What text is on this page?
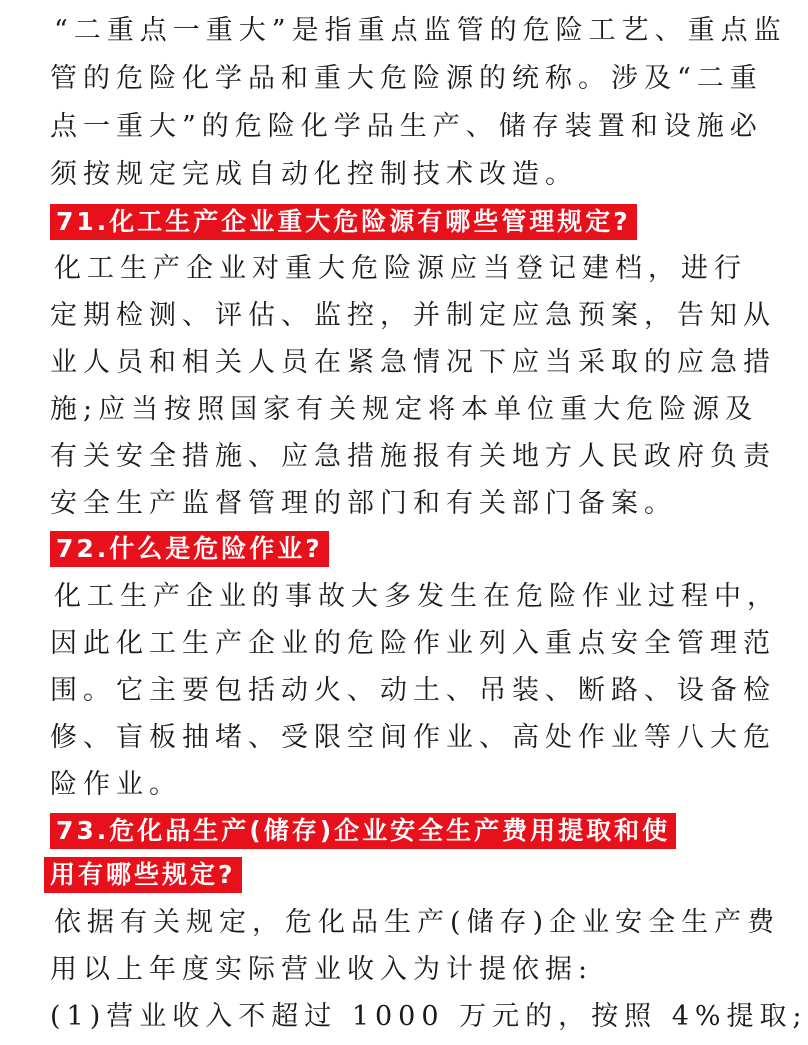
“二重点一重大”是指重点监管的危险工艺、重点监
管的危险化学品和重大危险源的统称。涉及“二重
点一重大”的危险化学品生产、储存装置和设施必
须按规定完成自动化控制技术改造。
71.化工生产企业重大危险源有哪些管理规定?
化工生产企业对重大危险源应当登记建档，进行
定期检测、评估、监控，并制定应急预案，告知从
业人员和相关人员在紧急情况下应当采取的应急措
施;应当按照国家有关规定将本单位重大危险源及
有关安全措施、应急措施报有关地方人民政府负责
安全生产监督管理的部门和有关部门备案。
72.什么是危险作业?
化工生产企业的事故大多发生在危险作业过程中，
因此化工生产企业的危险作业列入重点安全管理范
围。它主要包括动火、动土、吊装、断路、设备检
修、盲板抽堵、受限空间作业、高处作业等八大危
险作业。
73.危化品生产(储存)企业安全生产费用提取和使
用有哪些规定?
依据有关规定，危化品生产(储存)企业安全生产费
用以上年度实际营业收入为计提依据:
(1)营业收入不超过 1000 万元的，按照 4%提取;
